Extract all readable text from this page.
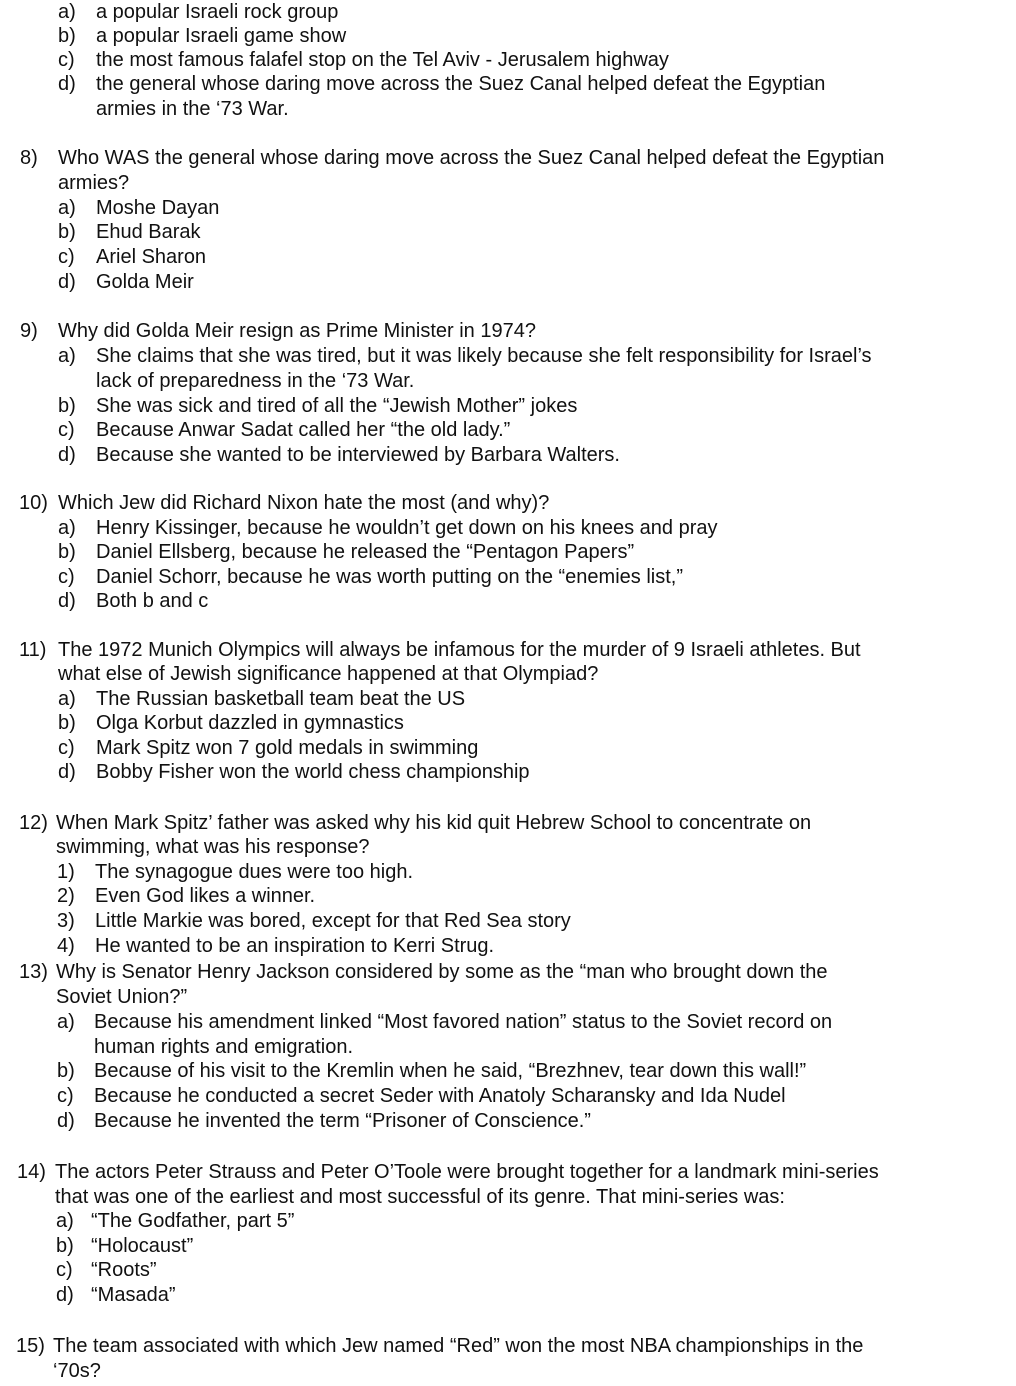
a) a popular Israeli rock group
b) a popular Israeli game show
c) the most famous falafel stop on the Tel Aviv - Jerusalem highway
d) the general whose daring move across the Suez Canal helped defeat the Egyptian
armies in the ‘73 War.
8) Who WAS the general whose daring move across the Suez Canal helped defeat the Egyptian
armies?
a) Moshe Dayan
b) Ehud Barak
c) Ariel Sharon
d) Golda Meir
9) Why did Golda Meir resign as Prime Minister in 1974?
a) She claims that she was tired, but it was likely because she felt responsibility for Israel’s
lack of preparedness in the ‘73 War.
b) She was sick and tired of all the “Jewish Mother” jokes
c) Because Anwar Sadat called her “the old lady.”
d) Because she wanted to be interviewed by Barbara Walters.
10) Which Jew did Richard Nixon hate the most (and why)?
a) Henry Kissinger, because he wouldn’t get down on his knees and pray
b) Daniel Ellsberg, because he released the “Pentagon Papers”
c) Daniel Schorr, because he was worth putting on the “enemies list,”
d) Both b and c
11) The 1972 Munich Olympics will always be infamous for the murder of 9 Israeli athletes. But
what else of Jewish significance happened at that Olympiad?
a) The Russian basketball team beat the US
b) Olga Korbut dazzled in gymnastics
c) Mark Spitz won 7 gold medals in swimming
d) Bobby Fisher won the world chess championship
12) When Mark Spitz’ father was asked why his kid quit Hebrew School to concentrate on
swimming, what was his response?
1) The synagogue dues were too high.
2) Even God likes a winner.
3) Little Markie was bored, except for that Red Sea story
4) He wanted to be an inspiration to Kerri Strug.
13) Why is Senator Henry Jackson considered by some as the “man who brought down the
Soviet Union?”
a) Because his amendment linked “Most favored nation” status to the Soviet record on
human rights and emigration.
b) Because of his visit to the Kremlin when he said, “Brezhnev, tear down this wall!”
c) Because he conducted a secret Seder with Anatoly Scharansky and Ida Nudel
d) Because he invented the term “Prisoner of Conscience.”
14) The actors Peter Strauss and Peter O’Toole were brought together for a landmark mini-series
that was one of the earliest and most successful of its genre. That mini-series was:
a) “The Godfather, part 5”
b) “Holocaust”
c) “Roots”
d) “Masada”
15) The team associated with which Jew named “Red” won the most NBA championships in the
‘70s?
